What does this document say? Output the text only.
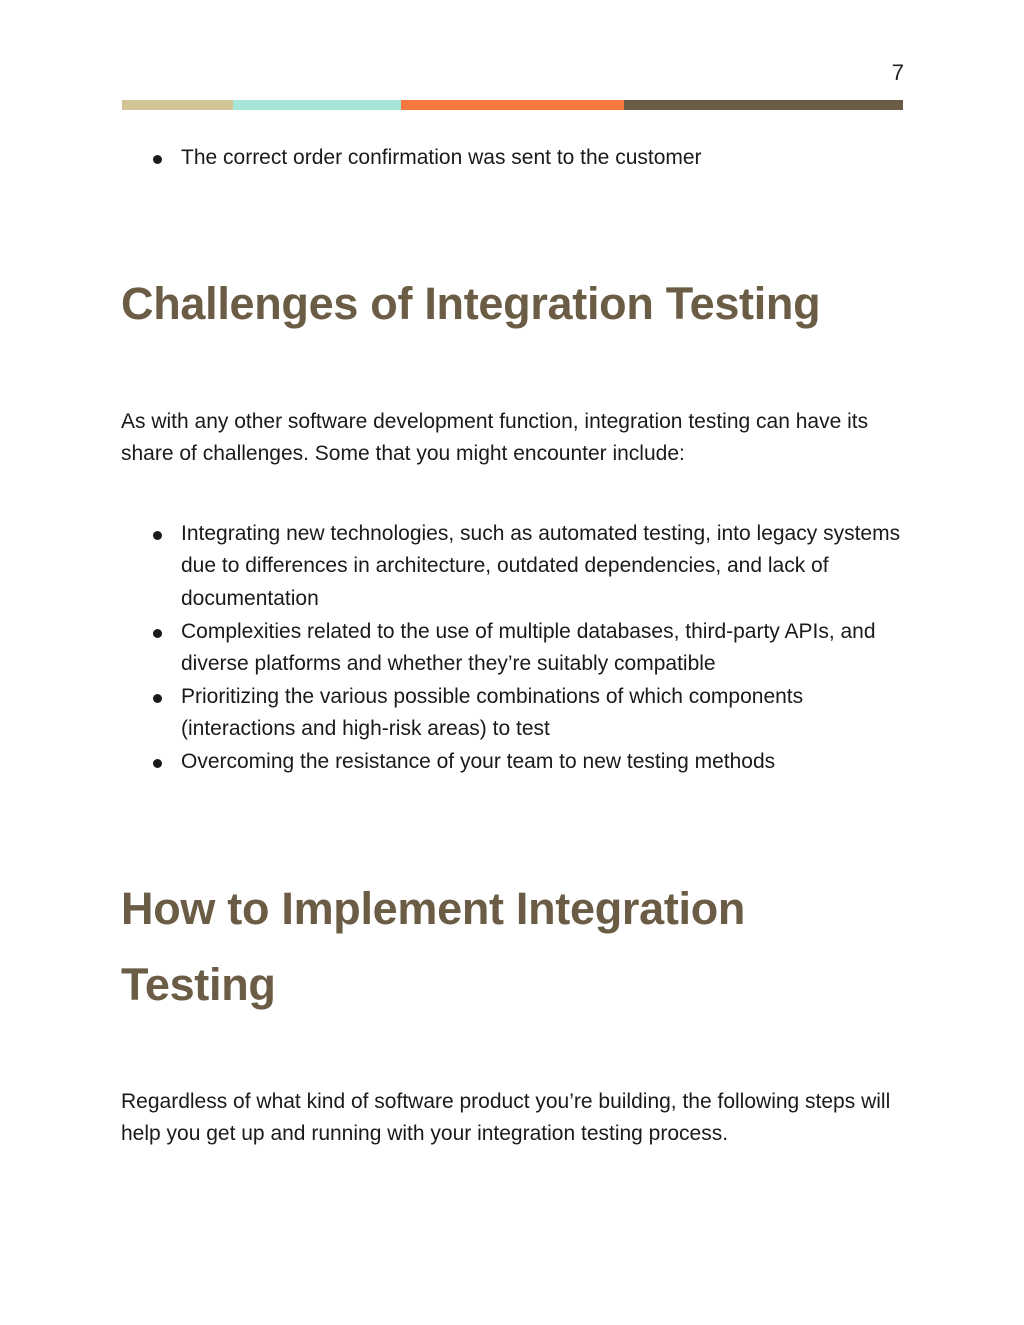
7
The correct order confirmation was sent to the customer
Challenges of Integration Testing

As with any other software development function, integration testing can have its share of challenges. Some that you might encounter include:

Integrating new technologies, such as automated testing, into legacy systems due to differences in architecture, outdated dependencies, and lack of documentation
Complexities related to the use of multiple databases, third-party APIs, and diverse platforms and whether they’re suitably compatible
Prioritizing the various possible combinations of which components (interactions and high-risk areas) to test
Overcoming the resistance of your team to new testing methods
How to Implement Integration Testing

Regardless of what kind of software product you’re building, the following steps will help you get up and running with your integration testing process.
